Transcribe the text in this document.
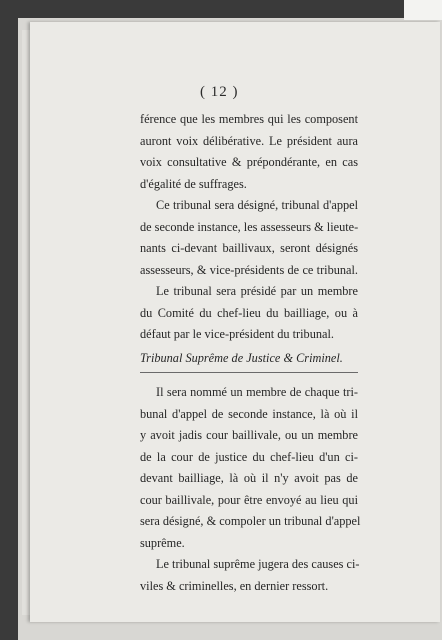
( 12 )

férence que les membres qui les composent
auront voix délibérative. Le président aura
voix consultative & prépondérante, en cas
d'égalité de suffrages.

Ce tribunal sera désigné, tribunal d'appel
de seconde instance, les assesseurs & lieute-
nants ci-devant baillivaux, seront désignés
assesseurs, & vice-présidents de ce tribunal.

Le tribunal sera présidé par un membre
du Comité du chef-lieu du bailliage, ou à
défaut par le vice-président du tribunal.

Tribunal Suprême de Justice & Criminel.

Il sera nommé un membre de chaque tri-
bunal d'appel de seconde instance, là où il
y avoit jadis cour baillivale, ou un membre
de la cour de justice du chef-lieu d'un ci-
devant bailliage, là où il n'y avoit pas de
cour baillivale, pour être envoyé au lieu qui
sera désigné, & compoler un tribunal d'appel
suprême.

Le tribunal suprême jugera des causes ci-
viles & criminelles, en dernier ressort.
